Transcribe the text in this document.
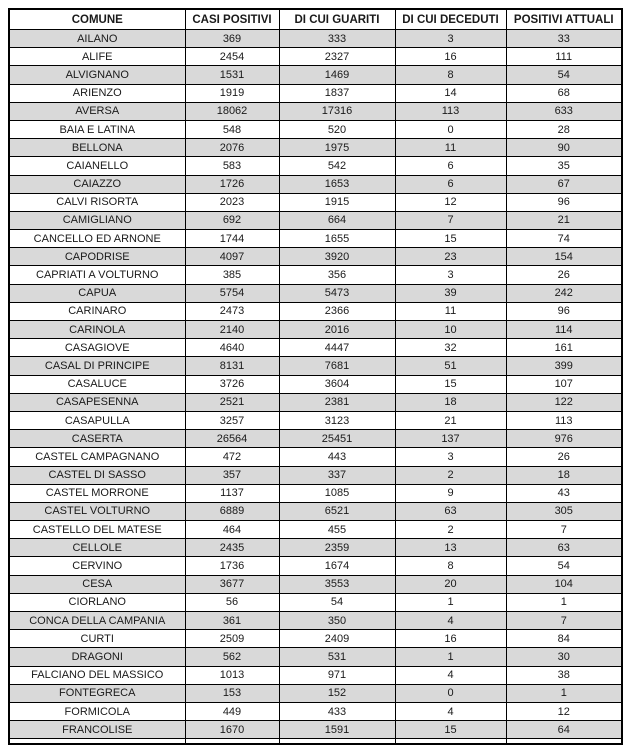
COMUNE	CASI POSITIVI	DI CUI GUARITI	DI CUI DECEDUTI	POSITIVI ATTUALI
AILANO	369	333	3	33
ALIFE	2454	2327	16	111
ALVIGNANO	1531	1469	8	54
ARIENZO	1919	1837	14	68
AVERSA	18062	17316	113	633
BAIA E LATINA	548	520	0	28
BELLONA	2076	1975	11	90
CAIANELLO	583	542	6	35
CAIAZZO	1726	1653	6	67
CALVI RISORTA	2023	1915	12	96
CAMIGLIANO	692	664	7	21
CANCELLO ED ARNONE	1744	1655	15	74
CAPODRISE	4097	3920	23	154
CAPRIATI A VOLTURNO	385	356	3	26
CAPUA	5754	5473	39	242
CARINARO	2473	2366	11	96
CARINOLA	2140	2016	10	114
CASAGIOVE	4640	4447	32	161
CASAL DI PRINCIPE	8131	7681	51	399
CASALUCE	3726	3604	15	107
CASAPESENNA	2521	2381	18	122
CASAPULLA	3257	3123	21	113
CASERTA	26564	25451	137	976
CASTEL CAMPAGNANO	472	443	3	26
CASTEL DI SASSO	357	337	2	18
CASTEL MORRONE	1137	1085	9	43
CASTEL VOLTURNO	6889	6521	63	305
CASTELLO DEL MATESE	464	455	2	7
CELLOLE	2435	2359	13	63
CERVINO	1736	1674	8	54
CESA	3677	3553	20	104
CIORLANO	56	54	1	1
CONCA DELLA CAMPANIA	361	350	4	7
CURTI	2509	2409	16	84
DRAGONI	562	531	1	30
FALCIANO DEL MASSICO	1013	971	4	38
FONTEGRECA	153	152	0	1
FORMICOLA	449	433	4	12
FRANCOLISE	1670	1591	15	64
